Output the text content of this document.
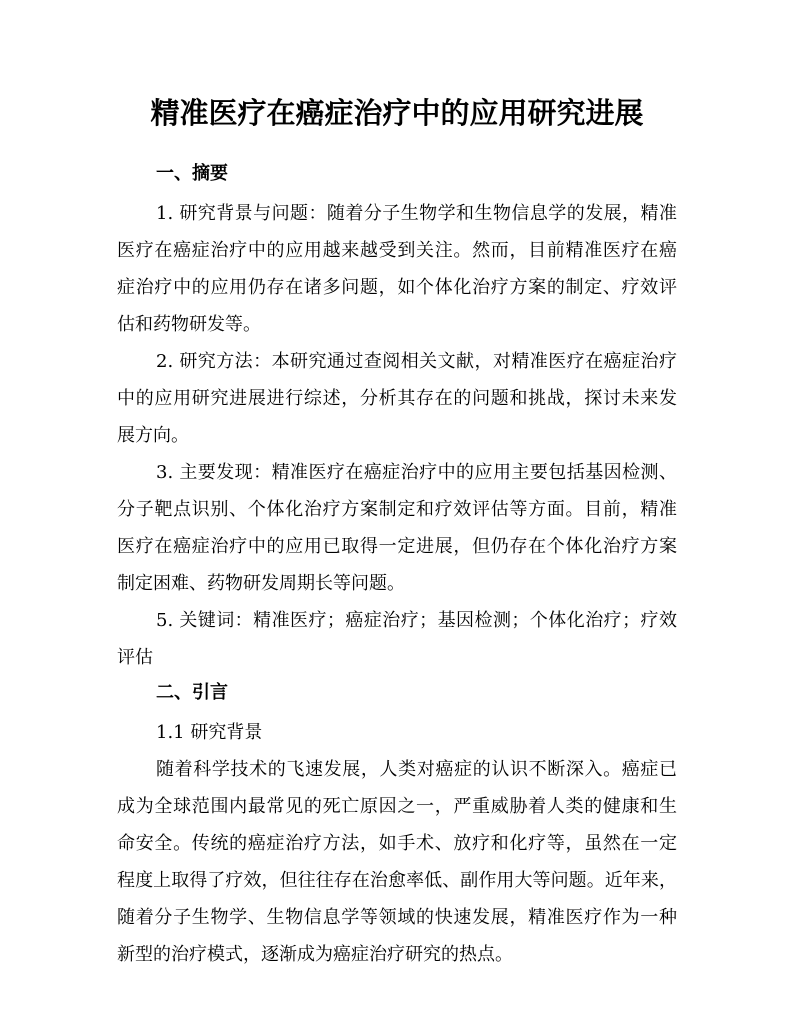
精准医疗在癌症治疗中的应用研究进展
一、摘要

1. 研究背景与问题：随着分子生物学和生物信息学的发展，精准
医疗在癌症治疗中的应用越来越受到关注。然而，目前精准医疗在癌
症治疗中的应用仍存在诸多问题，如个体化治疗方案的制定、疗效评
估和药物研发等。

2. 研究方法：本研究通过查阅相关文献，对精准医疗在癌症治疗
中的应用研究进展进行综述，分析其存在的问题和挑战，探讨未来发
展方向。

3. 主要发现：精准医疗在癌症治疗中的应用主要包括基因检测、
分子靶点识别、个体化治疗方案制定和疗效评估等方面。目前，精准
医疗在癌症治疗中的应用已取得一定进展，但仍存在个体化治疗方案
制定困难、药物研发周期长等问题。

5. 关键词：精准医疗；癌症治疗；基因检测；个体化治疗；疗效
评估

二、引言

1.1 研究背景

随着科学技术的飞速发展，人类对癌症的认识不断深入。癌症已
成为全球范围内最常见的死亡原因之一，严重威胁着人类的健康和生
命安全。传统的癌症治疗方法，如手术、放疗和化疗等，虽然在一定
程度上取得了疗效，但往往存在治愈率低、副作用大等问题。近年来，
随着分子生物学、生物信息学等领域的快速发展，精准医疗作为一种
新型的治疗模式，逐渐成为癌症治疗研究的热点。
